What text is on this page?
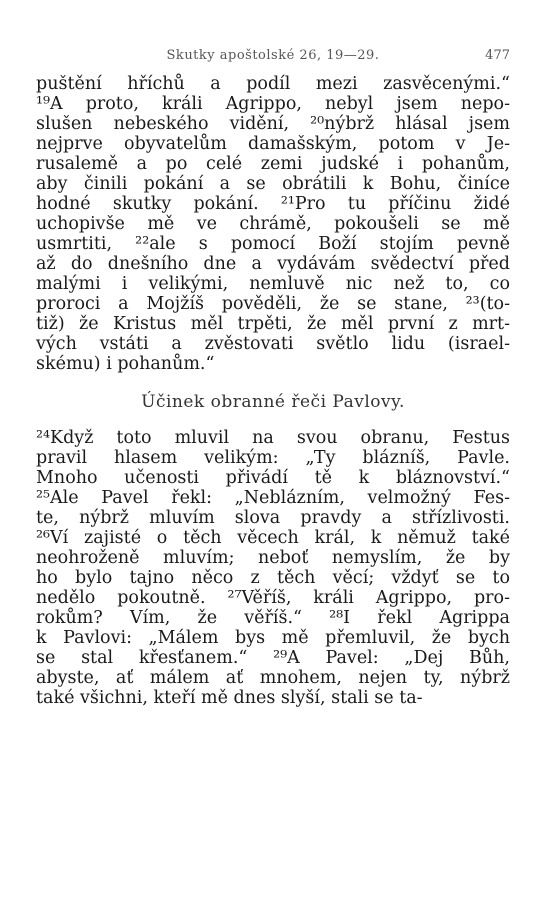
Skutky apoštolské 26, 19—29.	477
puštění hříchů a podíl mezi zasvěcenými.“
¹⁹A proto, králi Agrippo, nebyl jsem nepo-
slušen nebeského vidění, ²⁰nýbrž hlásal jsem
nejprve obyvatelům damašským, potom v Je-
rusalemě a po celé zemi judské i pohanům,
aby činili pokání a se obrátili k Bohu, činíce
hodné skutky pokání. ²¹Pro tu příčinu židé
uchopivše mě ve chrámě, pokoušeli se mě
usmrtiti, ²²ale s pomocí Boží stojím pevně
až do dnešního dne a vydávám svědectví před
malými i velikými, nemluvě nic než to, co
proroci a Mojžíš pověděli, že se stane, ²³(to-
tiž) že Kristus měl trpěti, že měl první z mrt-
vých vstáti a zvěstovati světlo lidu (israel-
skému) i pohanům.“
Účinek obranné řeči Pavlovy.
²⁴Když toto mluvil na svou obranu, Festus
pravil hlasem velikým: „Ty blázníš, Pavle.
Mnoho učenosti přivádí tě k bláznovství.“
²⁵Ale Pavel řekl: „Neblázním, velmožný Fes-
te, nýbrž mluvím slova pravdy a střízlivosti.
²⁶Ví zajisté o těch věcech král, k němuž také
neohroženě mluvím; neboť nemyslím, že by
ho bylo tajno něco z těch věcí; vždyť se to
nedělo pokoutně. ²⁷Věříš, králi Agrippo, pro-
rokům? Vím, že věříš.“ ²⁸I řekl Agrippa
k Pavlovi: „Málem bys mě přemluvil, že bych
se stal křesťanem.“ ²⁹A Pavel: „Dej Bůh,
abyste, ať málem ať mnohem, nejen ty, nýbrž
také všichni, kteří mě dnes slyší, stali se ta-
